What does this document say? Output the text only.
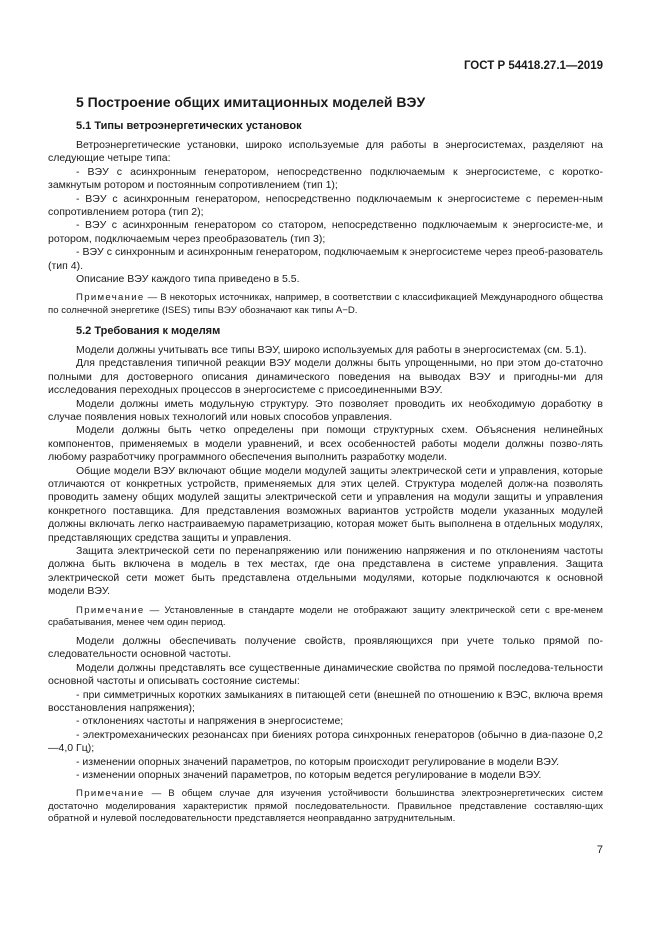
ГОСТ Р 54418.27.1—2019
5 Построение общих имитационных моделей ВЭУ
5.1 Типы ветроэнергетических установок

Ветроэнергетические установки, широко используемые для работы в энергосистемах, разделяют на следующие четыре типа:

- ВЭУ с асинхронным генератором, непосредственно подключаемым к энергосистеме, с коротко-замкнутым ротором и постоянным сопротивлением (тип 1);

- ВЭУ с асинхронным генератором, непосредственно подключаемым к энергосистеме с перемен-ным сопротивлением ротора (тип 2);

- ВЭУ с асинхронным генератором со статором, непосредственно подключаемым к энергосисте-ме, и ротором, подключаемым через преобразователь (тип 3);

- ВЭУ с синхронным и асинхронным генератором, подключаемым к энергосистеме через преоб-разователь (тип 4).

Описание ВЭУ каждого типа приведено в 5.5.

Примечание — В некоторых источниках, например, в соответствии с классификацией Международного общества по солнечной энергетике (ISES) типы ВЭУ обозначают как типы A−D.
5.2 Требования к моделям

Модели должны учитывать все типы ВЭУ, широко используемых для работы в энергосистемах (см. 5.1).

Для представления типичной реакции ВЭУ модели должны быть упрощенными, но при этом до-статочно полными для достоверного описания динамического поведения на выводах ВЭУ и пригодны-ми для исследования переходных процессов в энергосистеме с присоединенными ВЭУ.

Модели должны иметь модульную структуру. Это позволяет проводить их необходимую доработку в случае появления новых технологий или новых способов управления.

Модели должны быть четко определены при помощи структурных схем. Объяснения нелинейных компонентов, применяемых в модели уравнений, и всех особенностей работы модели должны позво-лять любому разработчику программного обеспечения выполнить разработку модели.

Общие модели ВЭУ включают общие модели модулей защиты электрической сети и управления, которые отличаются от конкретных устройств, применяемых для этих целей. Структура моделей долж-на позволять проводить замену общих модулей защиты электрической сети и управления на модули защиты и управления конкретного поставщика. Для представления возможных вариантов устройств модели указанных модулей должны включать легко настраиваемую параметризацию, которая может быть выполнена в отдельных модулях, представляющих средства защиты и управления.

Защита электрической сети по перенапряжению или понижению напряжения и по отклонениям частоты должна быть включена в модель в тех местах, где она представлена в системе управления. Защита электрической сети может быть представлена отдельными модулями, которые подключаются к основной модели ВЭУ.

Примечание — Установленные в стандарте модели не отображают защиту электрической сети с вре-менем срабатывания, менее чем один период.

Модели должны обеспечивать получение свойств, проявляющихся при учете только прямой по-следовательности основной частоты.

Модели должны представлять все существенные динамические свойства по прямой последова-тельности основной частоты и описывать состояние системы:

- при симметричных коротких замыканиях в питающей сети (внешней по отношению к ВЭС, включа время восстановления напряжения);

- отклонениях частоты и напряжения в энергосистеме;

- электромеханических резонансах при биениях ротора синхронных генераторов (обычно в диа-пазоне 0,2—4,0 Гц);

- изменении опорных значений параметров, по которым происходит регулирование в модели ВЭУ.

- изменении опорных значений параметров, по которым ведется регулирование в модели ВЭУ.

Примечание — В общем случае для изучения устойчивости большинства электроэнергетических систем достаточно моделирования характеристик прямой последовательности. Правильное представление составляю-щих обратной и нулевой последовательности представляется неоправданно затруднительным.
7
